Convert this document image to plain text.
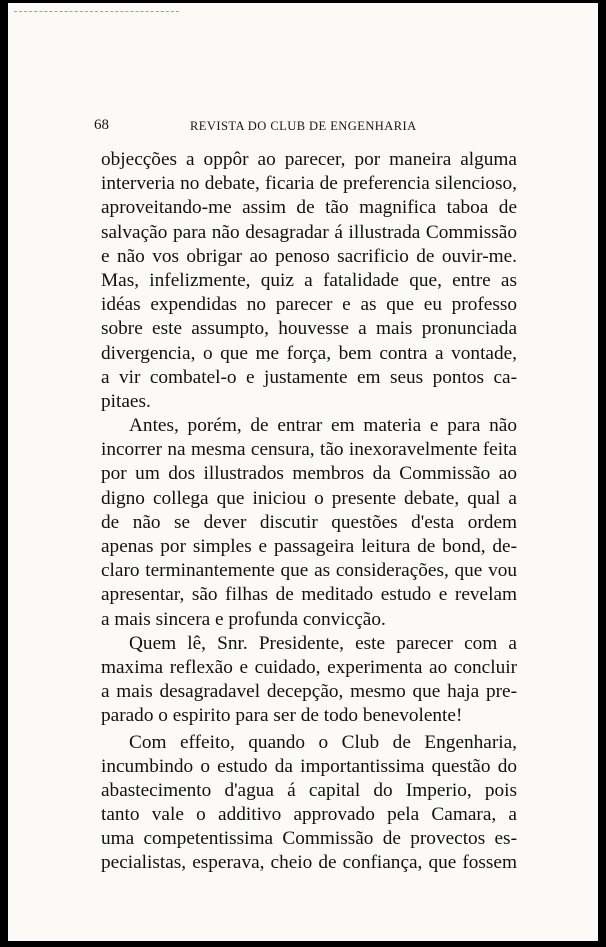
68	REVISTA DO CLUB DE ENGENHARIA
objecções a oppôr ao parecer, por maneira alguma
interveria no debate, ficaria de preferencia silencioso,
aproveitando-me assim de tão magnifica taboa de
salvação para não desagradar á illustrada Commissão
e não vos obrigar ao penoso sacrificio de ouvir-me.
Mas, infelizmente, quiz a fatalidade que, entre as
idéas expendidas no parecer e as que eu professo
sobre este assumpto, houvesse a mais pronunciada
divergencia, o que me força, bem contra a vontade,
a vir combatel-o e justamente em seus pontos ca-
pitaes.
Antes, porém, de entrar em materia e para não
incorrer na mesma censura, tão inexoravelmente feita
por um dos illustrados membros da Commissão ao
digno collega que iniciou o presente debate, qual a
de não se dever discutir questões d'esta ordem
apenas por simples e passageira leitura de bond, de-
claro terminantemente que as considerações, que vou
apresentar, são filhas de meditado estudo e revelam
a mais sincera e profunda convicção.
Quem lê, Snr. Presidente, este parecer com a
maxima reflexão e cuidado, experimenta ao concluir
a mais desagradavel decepção, mesmo que haja pre-
parado o espirito para ser de todo benevolente!
Com effeito, quando o Club de Engenharia,
incumbindo o estudo da importantissima questão do
abastecimento d'agua á capital do Imperio, pois
tanto vale o additivo approvado pela Camara, a
uma competentissima Commissão de provectos es-
pecialistas, esperava, cheio de confiança, que fossem
